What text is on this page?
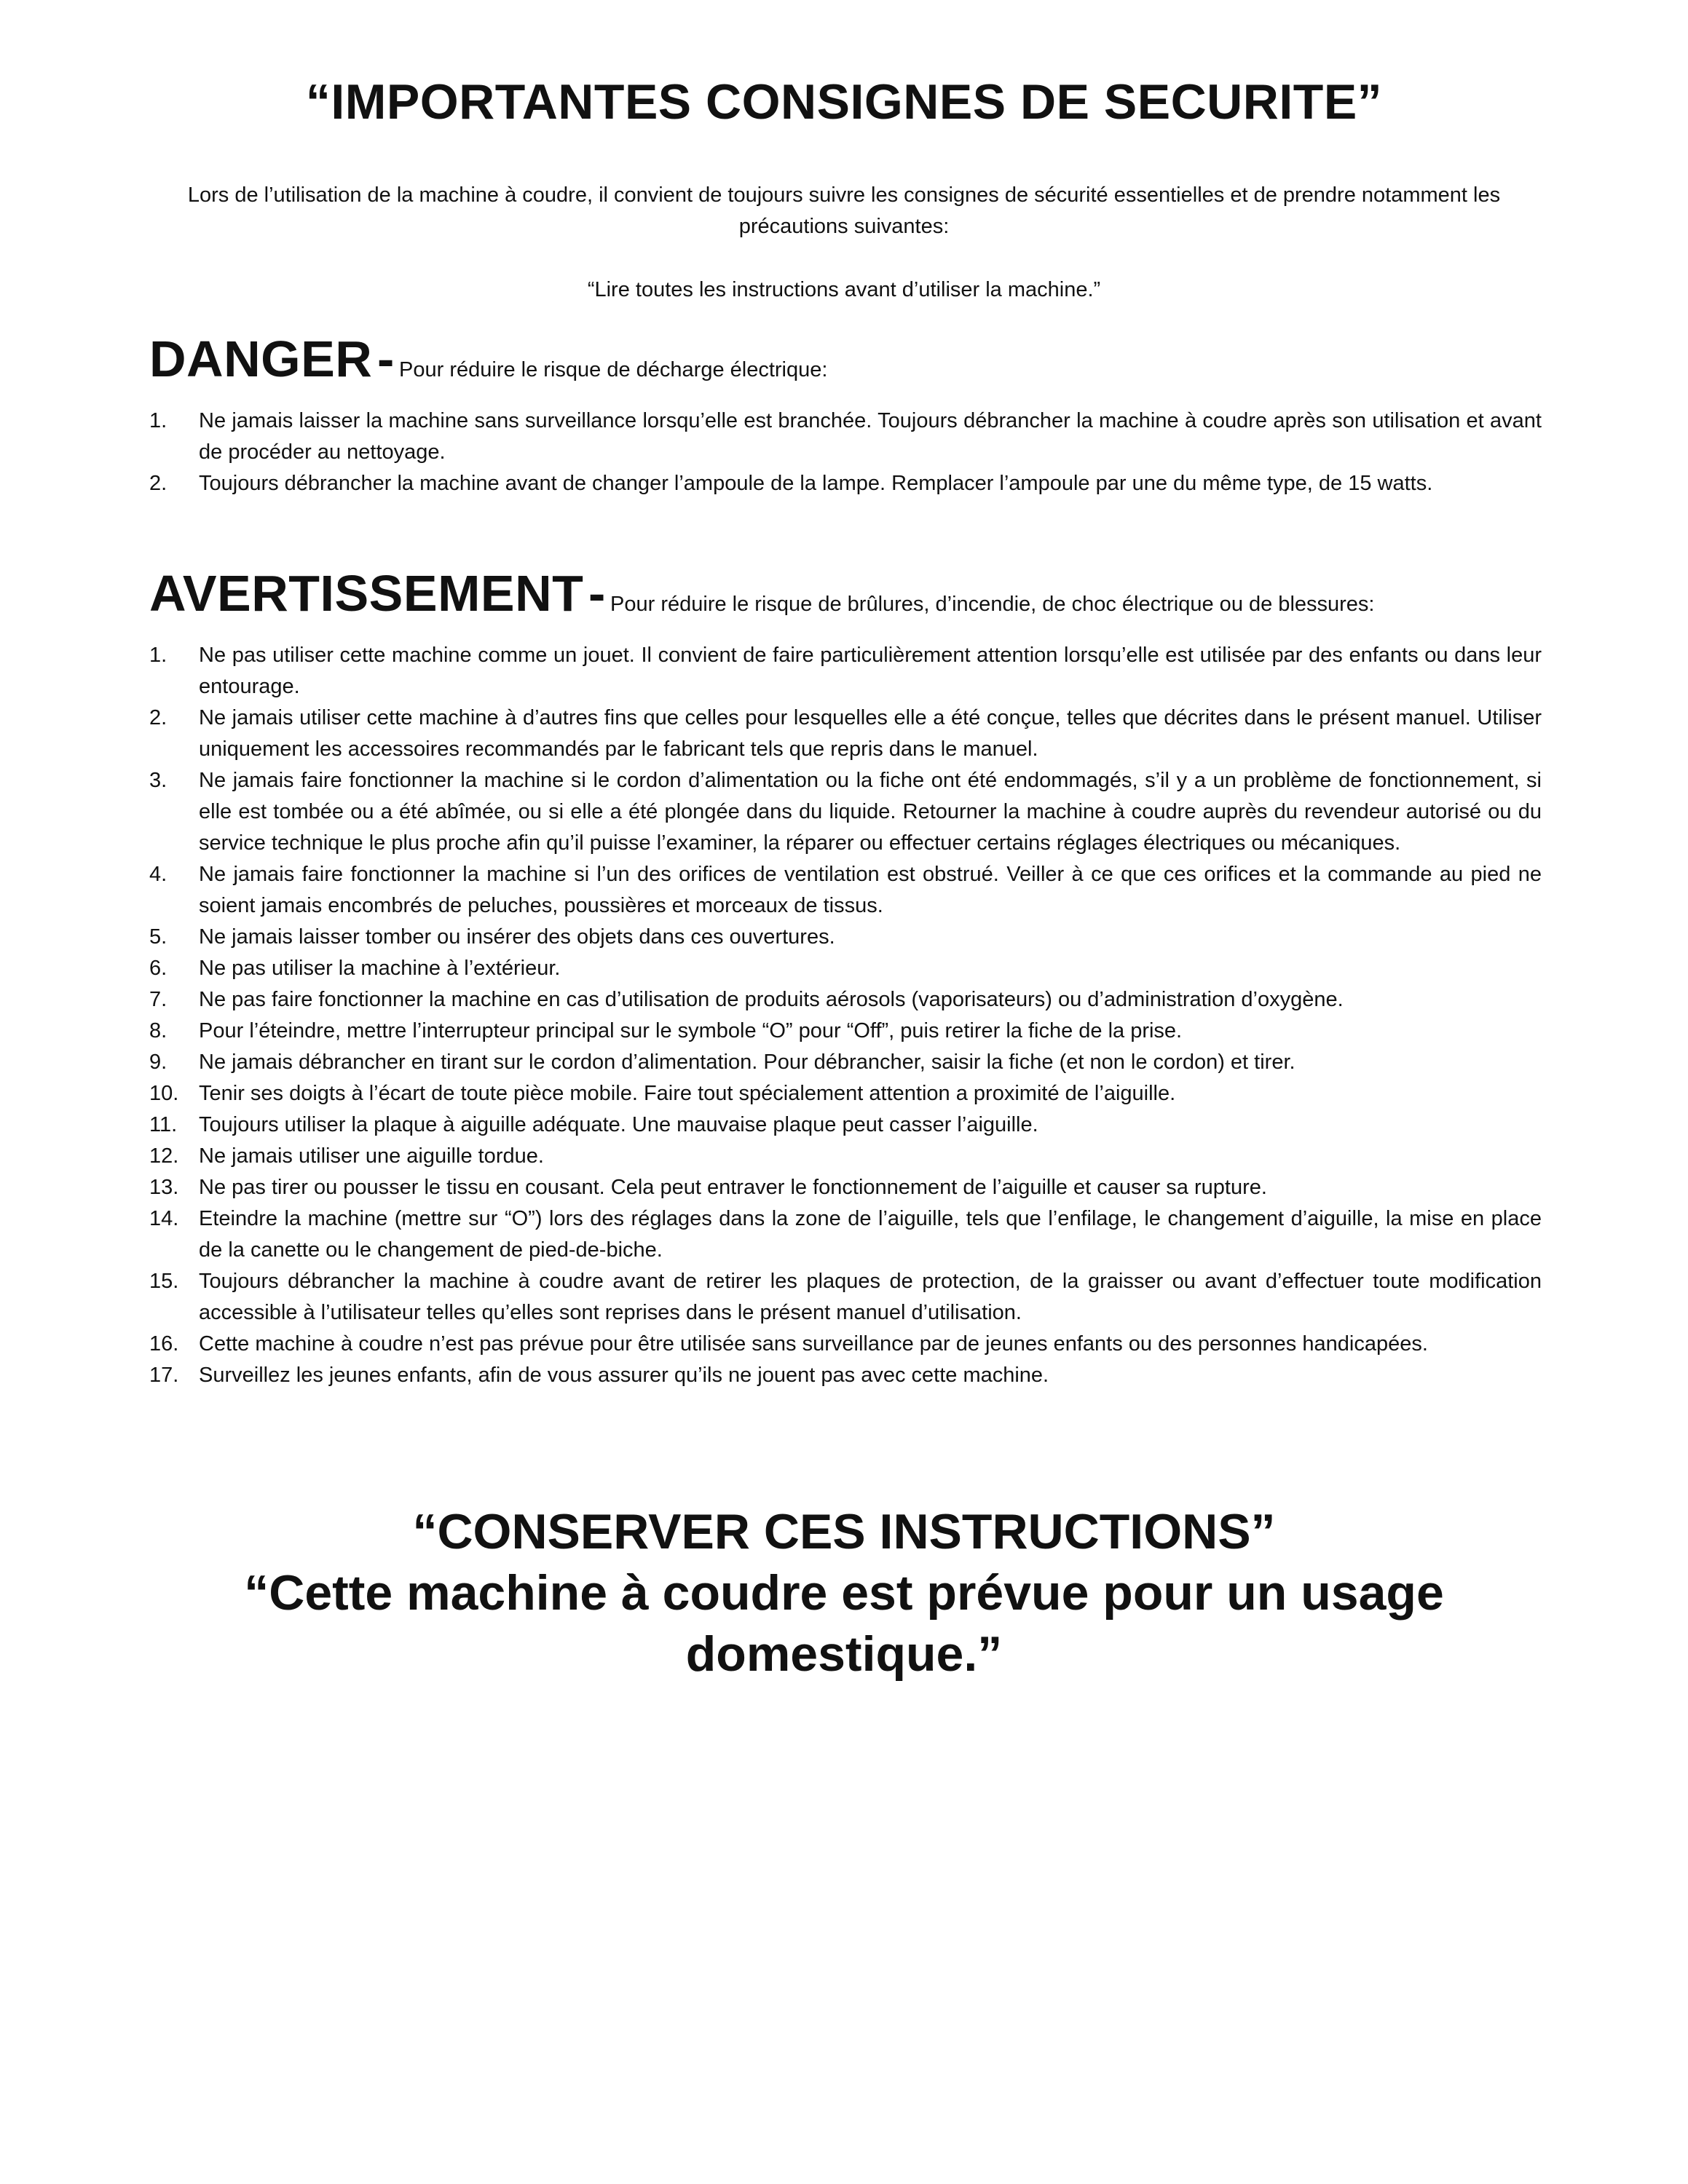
“IMPORTANTES CONSIGNES DE SECURITE”

Lors de l’utilisation de la machine à coudre, il convient de toujours suivre les consignes de sécurité essentielles et de prendre notamment les précautions suivantes:

“Lire toutes les instructions avant d’utiliser la machine.”

DANGER - Pour réduire le risque de décharge électrique:
1.	Ne jamais laisser la machine sans surveillance lorsqu’elle est branchée. Toujours débrancher la machine à coudre après son utilisation et avant de procéder au nettoyage.
2.	Toujours débrancher la machine avant de changer l’ampoule de la lampe. Remplacer l’ampoule par une du même type, de 15 watts.
AVERTISSEMENT - Pour réduire le risque de brûlures, d’incendie, de choc électrique ou de blessures:
1.	Ne pas utiliser cette machine comme un jouet. Il convient de faire particulièrement attention lorsqu’elle est utilisée par des enfants ou dans leur entourage.
2.	Ne jamais utiliser cette machine à d’autres fins que celles pour lesquelles elle a été conçue, telles que décrites dans le présent manuel. Utiliser uniquement les accessoires recommandés par le fabricant tels que repris dans le manuel.
3.	Ne jamais faire fonctionner la machine si le cordon d’alimentation ou la fiche ont été endommagés, s’il y a un problème de fonctionnement, si elle est tombée ou a été abîmée, ou si elle a été plongée dans du liquide. Retourner la machine à coudre auprès du revendeur autorisé ou du service technique le plus proche afin qu’il puisse l’examiner, la réparer ou effectuer certains réglages électriques ou mécaniques.
4.	Ne jamais faire fonctionner la machine si l’un des orifices de ventilation est obstrué. Veiller à ce que ces orifices et la commande au pied ne soient jamais encombrés de peluches, poussières et morceaux de tissus.
5.	Ne jamais laisser tomber ou insérer des objets dans ces ouvertures.
6.	Ne pas utiliser la machine à l’extérieur.
7.	Ne pas faire fonctionner la machine en cas d’utilisation de produits aérosols (vaporisateurs) ou d’administration d’oxygène.
8.	Pour l’éteindre, mettre l’interrupteur principal sur le symbole “O” pour “Off”, puis retirer la fiche de la prise.
9.	Ne jamais débrancher en tirant sur le cordon d’alimentation. Pour débrancher, saisir la fiche (et non le cordon) et tirer.
10. Tenir ses doigts à l’écart de toute pièce mobile. Faire tout spécialement attention a proximité de l’aiguille.
11.	Toujours utiliser la plaque à aiguille adéquate. Une mauvaise plaque peut casser l’aiguille.
12. Ne jamais utiliser une aiguille tordue.
13. Ne pas tirer ou pousser le tissu en cousant. Cela peut entraver le fonctionnement de l’aiguille et causer sa rupture.
14. Eteindre la machine (mettre sur “O”) lors des réglages dans la zone de l’aiguille, tels que l’enfilage, le changement d’aiguille, la mise en place de la canette ou le changement de pied-de-biche.
15. Toujours débrancher la machine à coudre avant de retirer les plaques de protection, de la graisser ou avant d’effectuer toute modification accessible à l’utilisateur telles qu’elles sont reprises dans le présent manuel d’utilisation.
16. Cette machine à coudre n’est pas prévue pour être utilisée sans surveillance par de jeunes enfants ou des personnes handicapées.
17. Surveillez les jeunes enfants, afin de vous assurer qu’ils ne jouent pas avec cette machine.
“CONSERVER CES INSTRUCTIONS”
“Cette machine à coudre est prévue pour un usage domestique.”
